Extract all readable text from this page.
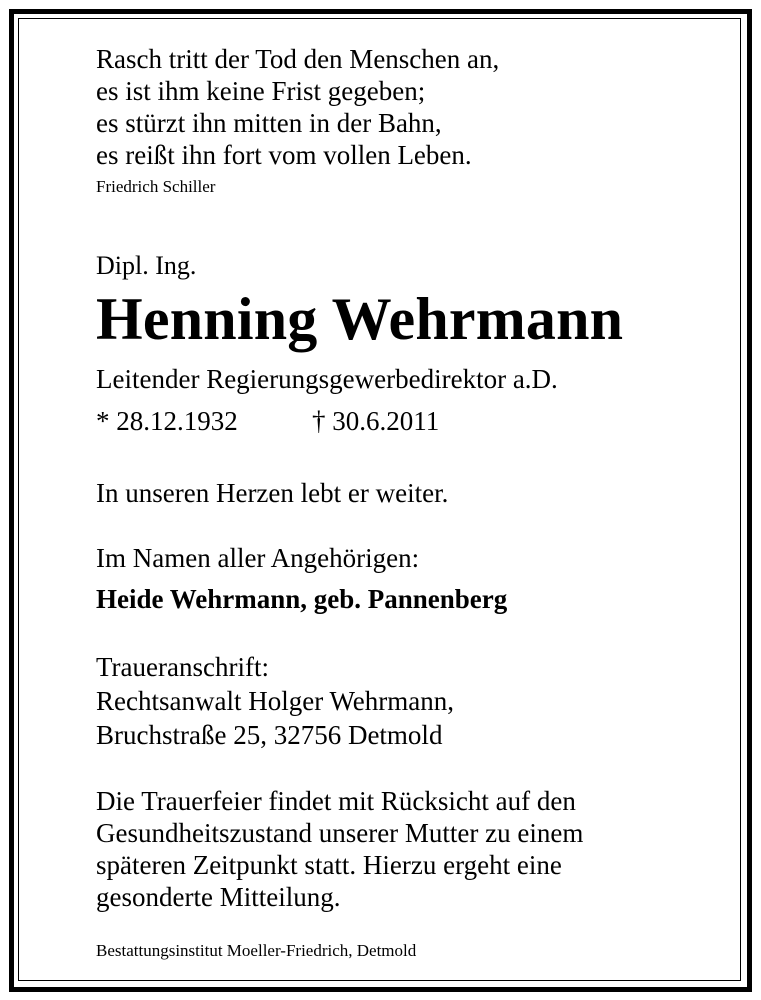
Rasch tritt der Tod den Menschen an,
es ist ihm keine Frist gegeben;
es stürzt ihn mitten in der Bahn,
es reißt ihn fort vom vollen Leben.
Friedrich Schiller
Dipl. Ing.
Henning Wehrmann
Leitender Regierungsgewerbedirektor a.D.
* 28.12.1932	† 30.6.2011
In unseren Herzen lebt er weiter.
Im Namen aller Angehörigen:
Heide Wehrmann, geb. Pannenberg
Traueranschrift:
Rechtsanwalt Holger Wehrmann,
Bruchstraße 25, 32756 Detmold
Die Trauerfeier findet mit Rücksicht auf den
Gesundheitszustand unserer Mutter zu einem
späteren Zeitpunkt statt. Hierzu ergeht eine
gesonderte Mitteilung.
Bestattungsinstitut Moeller-Friedrich, Detmold
